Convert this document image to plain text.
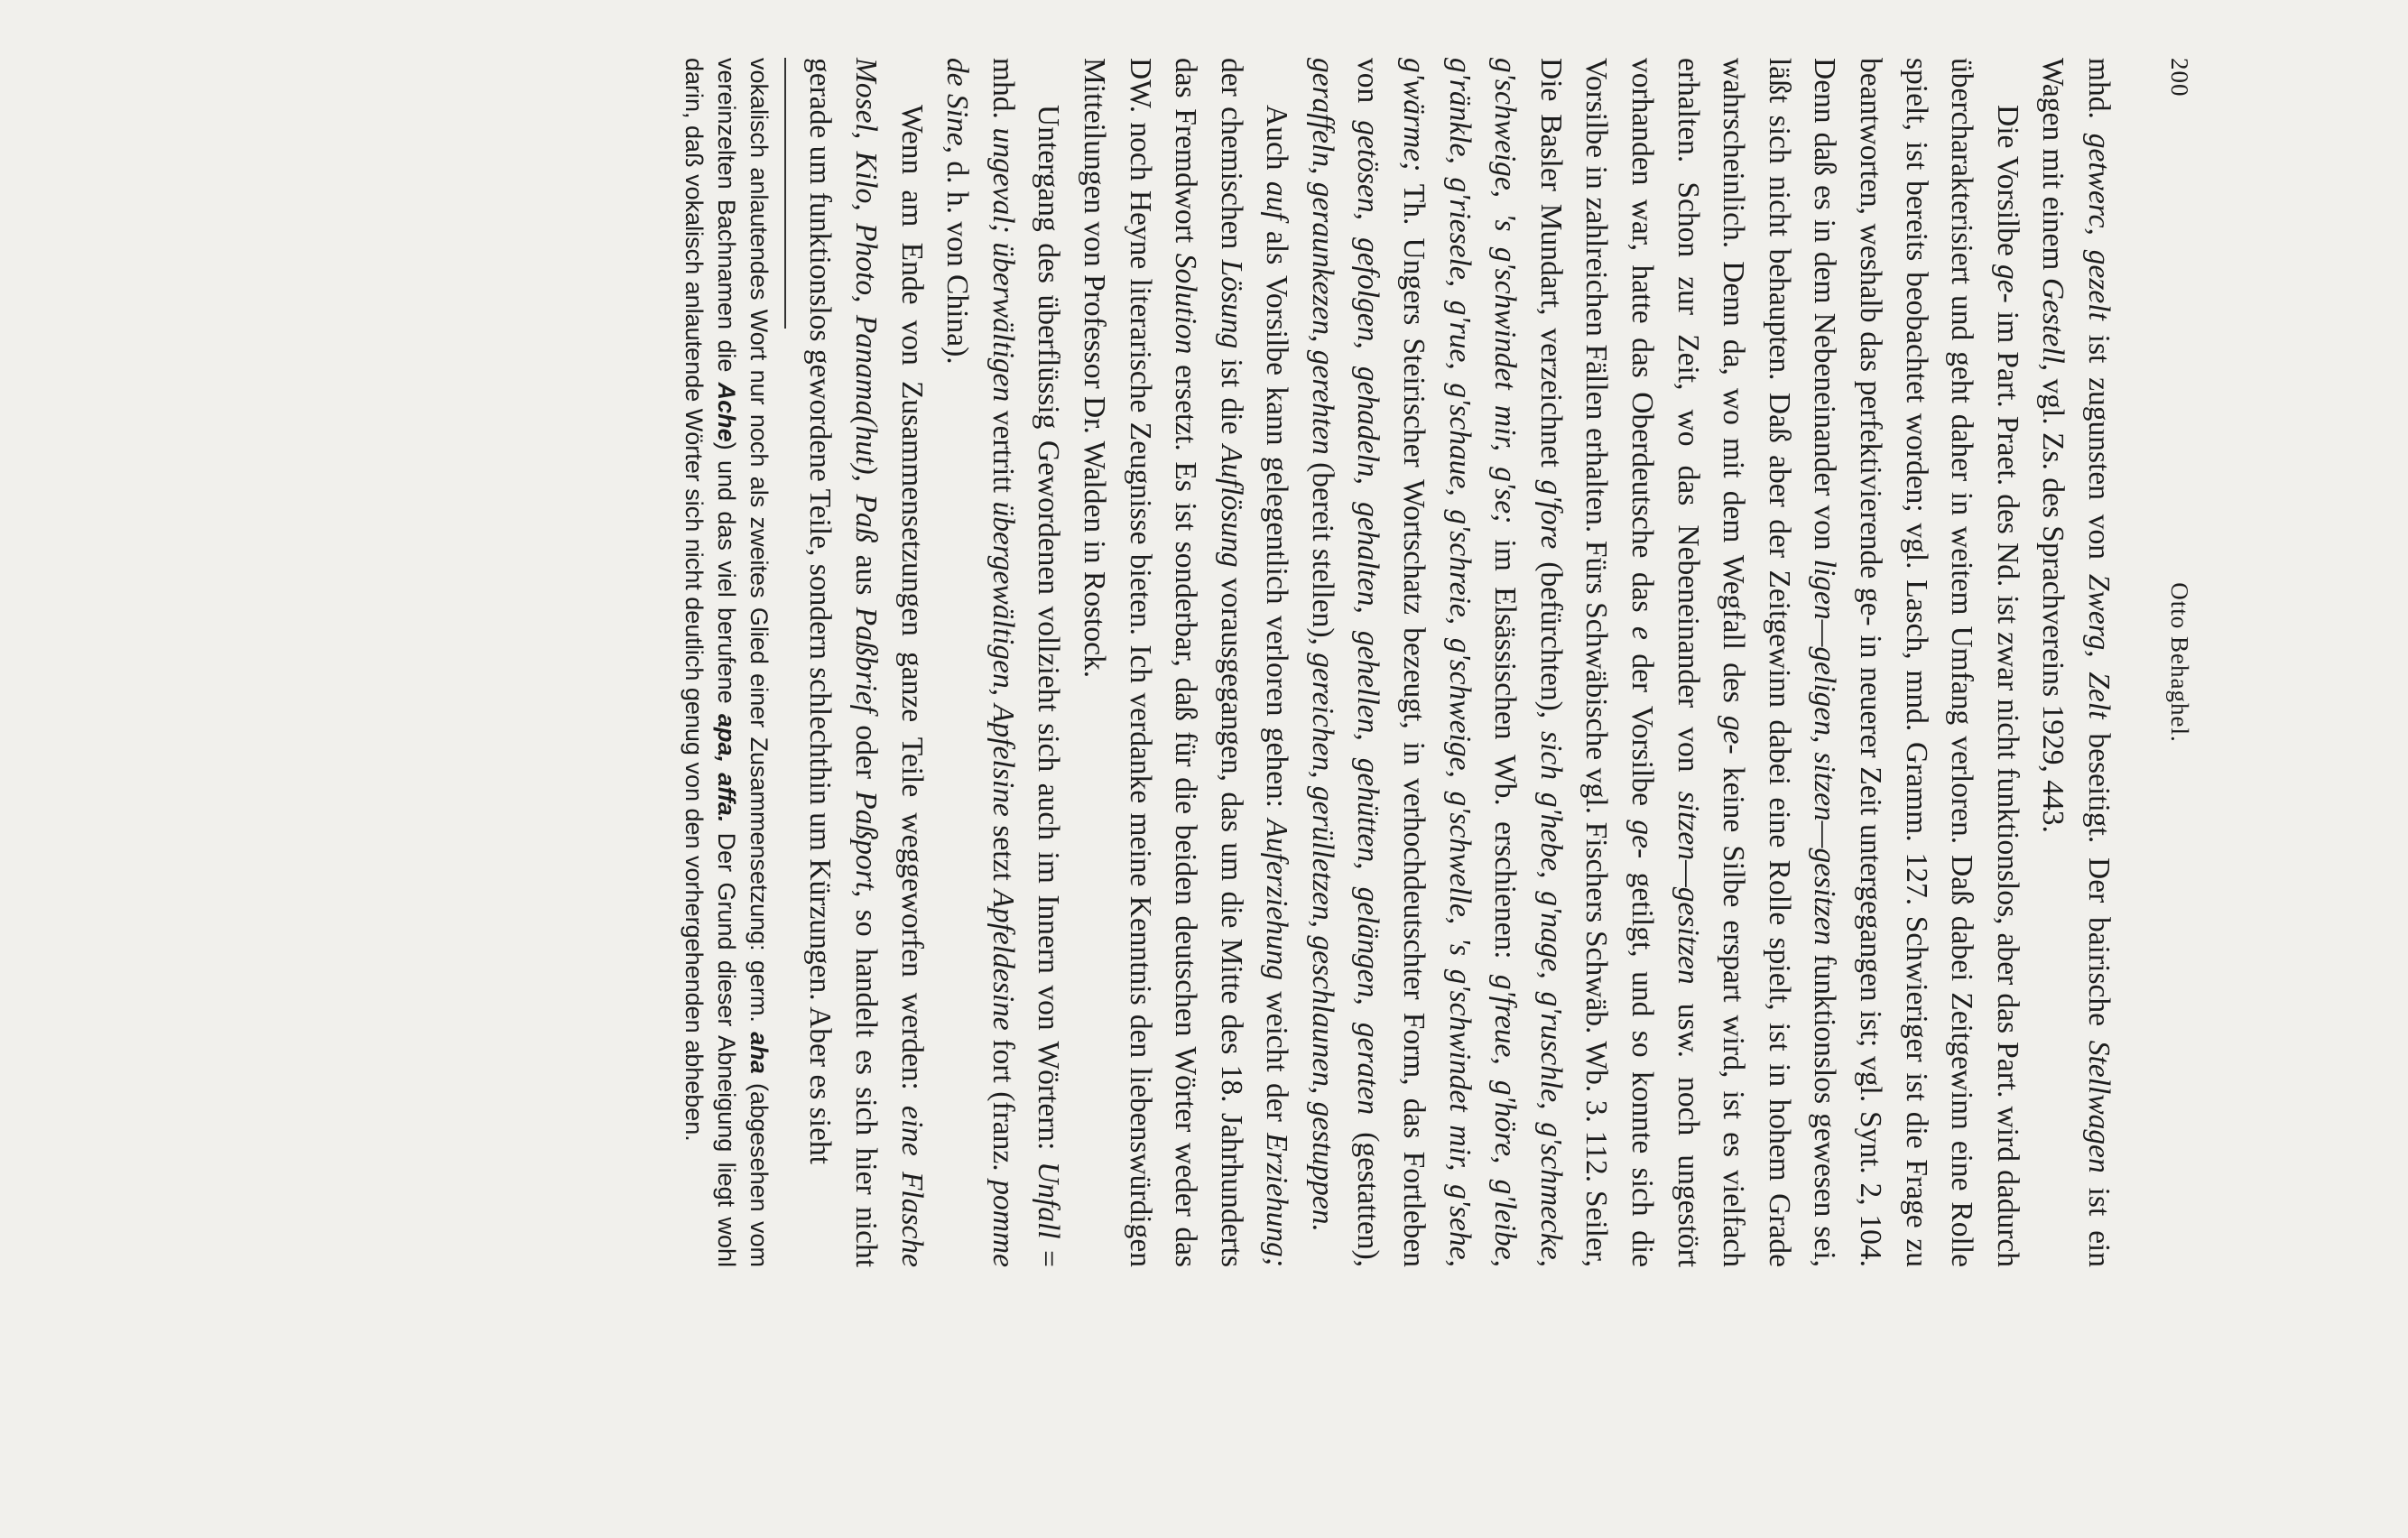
200
Otto Behaghel.

mhd. getwerc, gezelt ist zugunsten von Zwerg, Zelt beseitigt. Der bairische Stellwagen ist ein Wagen mit einem Gestell, vgl. Zs. des Sprachvereins 1929, 443.

Die Vorsilbe ge- im Part. Praet. des Nd. ist zwar nicht funktionslos, aber das Part. wird dadurch übercharakterisiert und geht daher in weitem Umfang verloren. Daß dabei Zeitgewinn eine Rolle spielt, ist bereits beobachtet worden; vgl. Lasch, mnd. Gramm. 127. Schwieriger ist die Frage zu beantworten, weshalb das perfektivierende ge- in neuerer Zeit untergegangen ist; vgl. Synt. 2, 104. Denn daß es in dem Nebeneinander von ligen—geligen, sitzen—gesitzen funktionslos gewesen sei, läßt sich nicht behaupten. Daß aber der Zeitgewinn dabei eine Rolle spielt, ist in hohem Grade wahrscheinlich. Denn da, wo mit dem Wegfall des ge- keine Silbe erspart wird, ist es vielfach erhalten. Schon zur Zeit, wo das Nebeneinander von sitzen—gesitzen usw. noch ungestört vorhanden war, hatte das Oberdeutsche das e der Vorsilbe ge- getilgt, und so konnte sich die Vorsilbe in zahlreichen Fällen erhalten. Fürs Schwäbische vgl. Fischers Schwäb. Wb. 3. 112. Seiler, Die Basler Mundart, verzeichnet g'fore (befürchten), sich g'hebe, g'nage, g'ruschle, g'schmecke, g'schweige, 's g'schwindet mir, g'se; im Elsässischen Wb. erschienen: g'freue, g'höre, g'leibe, g'ränkle, g'riesele, g'rue, g'schaue, g'schreie, g'schweige, g'schwelle, 's g'schwindet mir, g'sehe, g'wärme; Th. Ungers Steirischer Wortschatz bezeugt, in verhochdeutschter Form, das Fortleben von getösen, gefolgen, gehadeln, gehalten, gehellen, gehütten, gelängen, geraten (gestatten), geraffeln, geraunkezen, gerehten (bereit stellen), gereichen, gerülletzen, geschlaunen, gestuppen.

Auch auf als Vorsilbe kann gelegentlich verloren gehen: Auferziehung weicht der Erziehung; der chemischen Lösung ist die Auflösung vorausgegangen, das um die Mitte des 18. Jahrhunderts das Fremdwort Solution ersetzt. Es ist sonderbar, daß für die beiden deutschen Wörter weder das DW. noch Heyne literarische Zeugnisse bieten. Ich verdanke meine Kenntnis den liebenswürdigen Mitteilungen von Professor Dr. Walden in Rostock.

Untergang des überflüssig Gewordenen vollzieht sich auch im Innern von Wörtern: Unfall = mhd. ungeval; überwältigen vertritt übergewältigen, Apfelsine setzt Apfeldesine fort (franz. pomme de Sine, d. h. von China).

Wenn am Ende von Zusammensetzungen ganze Teile weggeworfen werden: eine Flasche Mosel, Kilo, Photo, Panama(hut), Paß aus Paßbrief oder Paßport, so handelt es sich hier nicht gerade um funktionslos gewordene Teile, sondern schlechthin um Kürzungen. Aber es sieht

vokalisch anlautendes Wort nur noch als zweites Glied einer Zusammensetzung: germ. aha (abgesehen vom vereinzelten Bachnamen die Ache) und das viel berufene apa, affa. Der Grund dieser Abneigung liegt wohl darin, daß vokalisch anlautende Wörter sich nicht deutlich genug von den vorhergehenden abheben.
